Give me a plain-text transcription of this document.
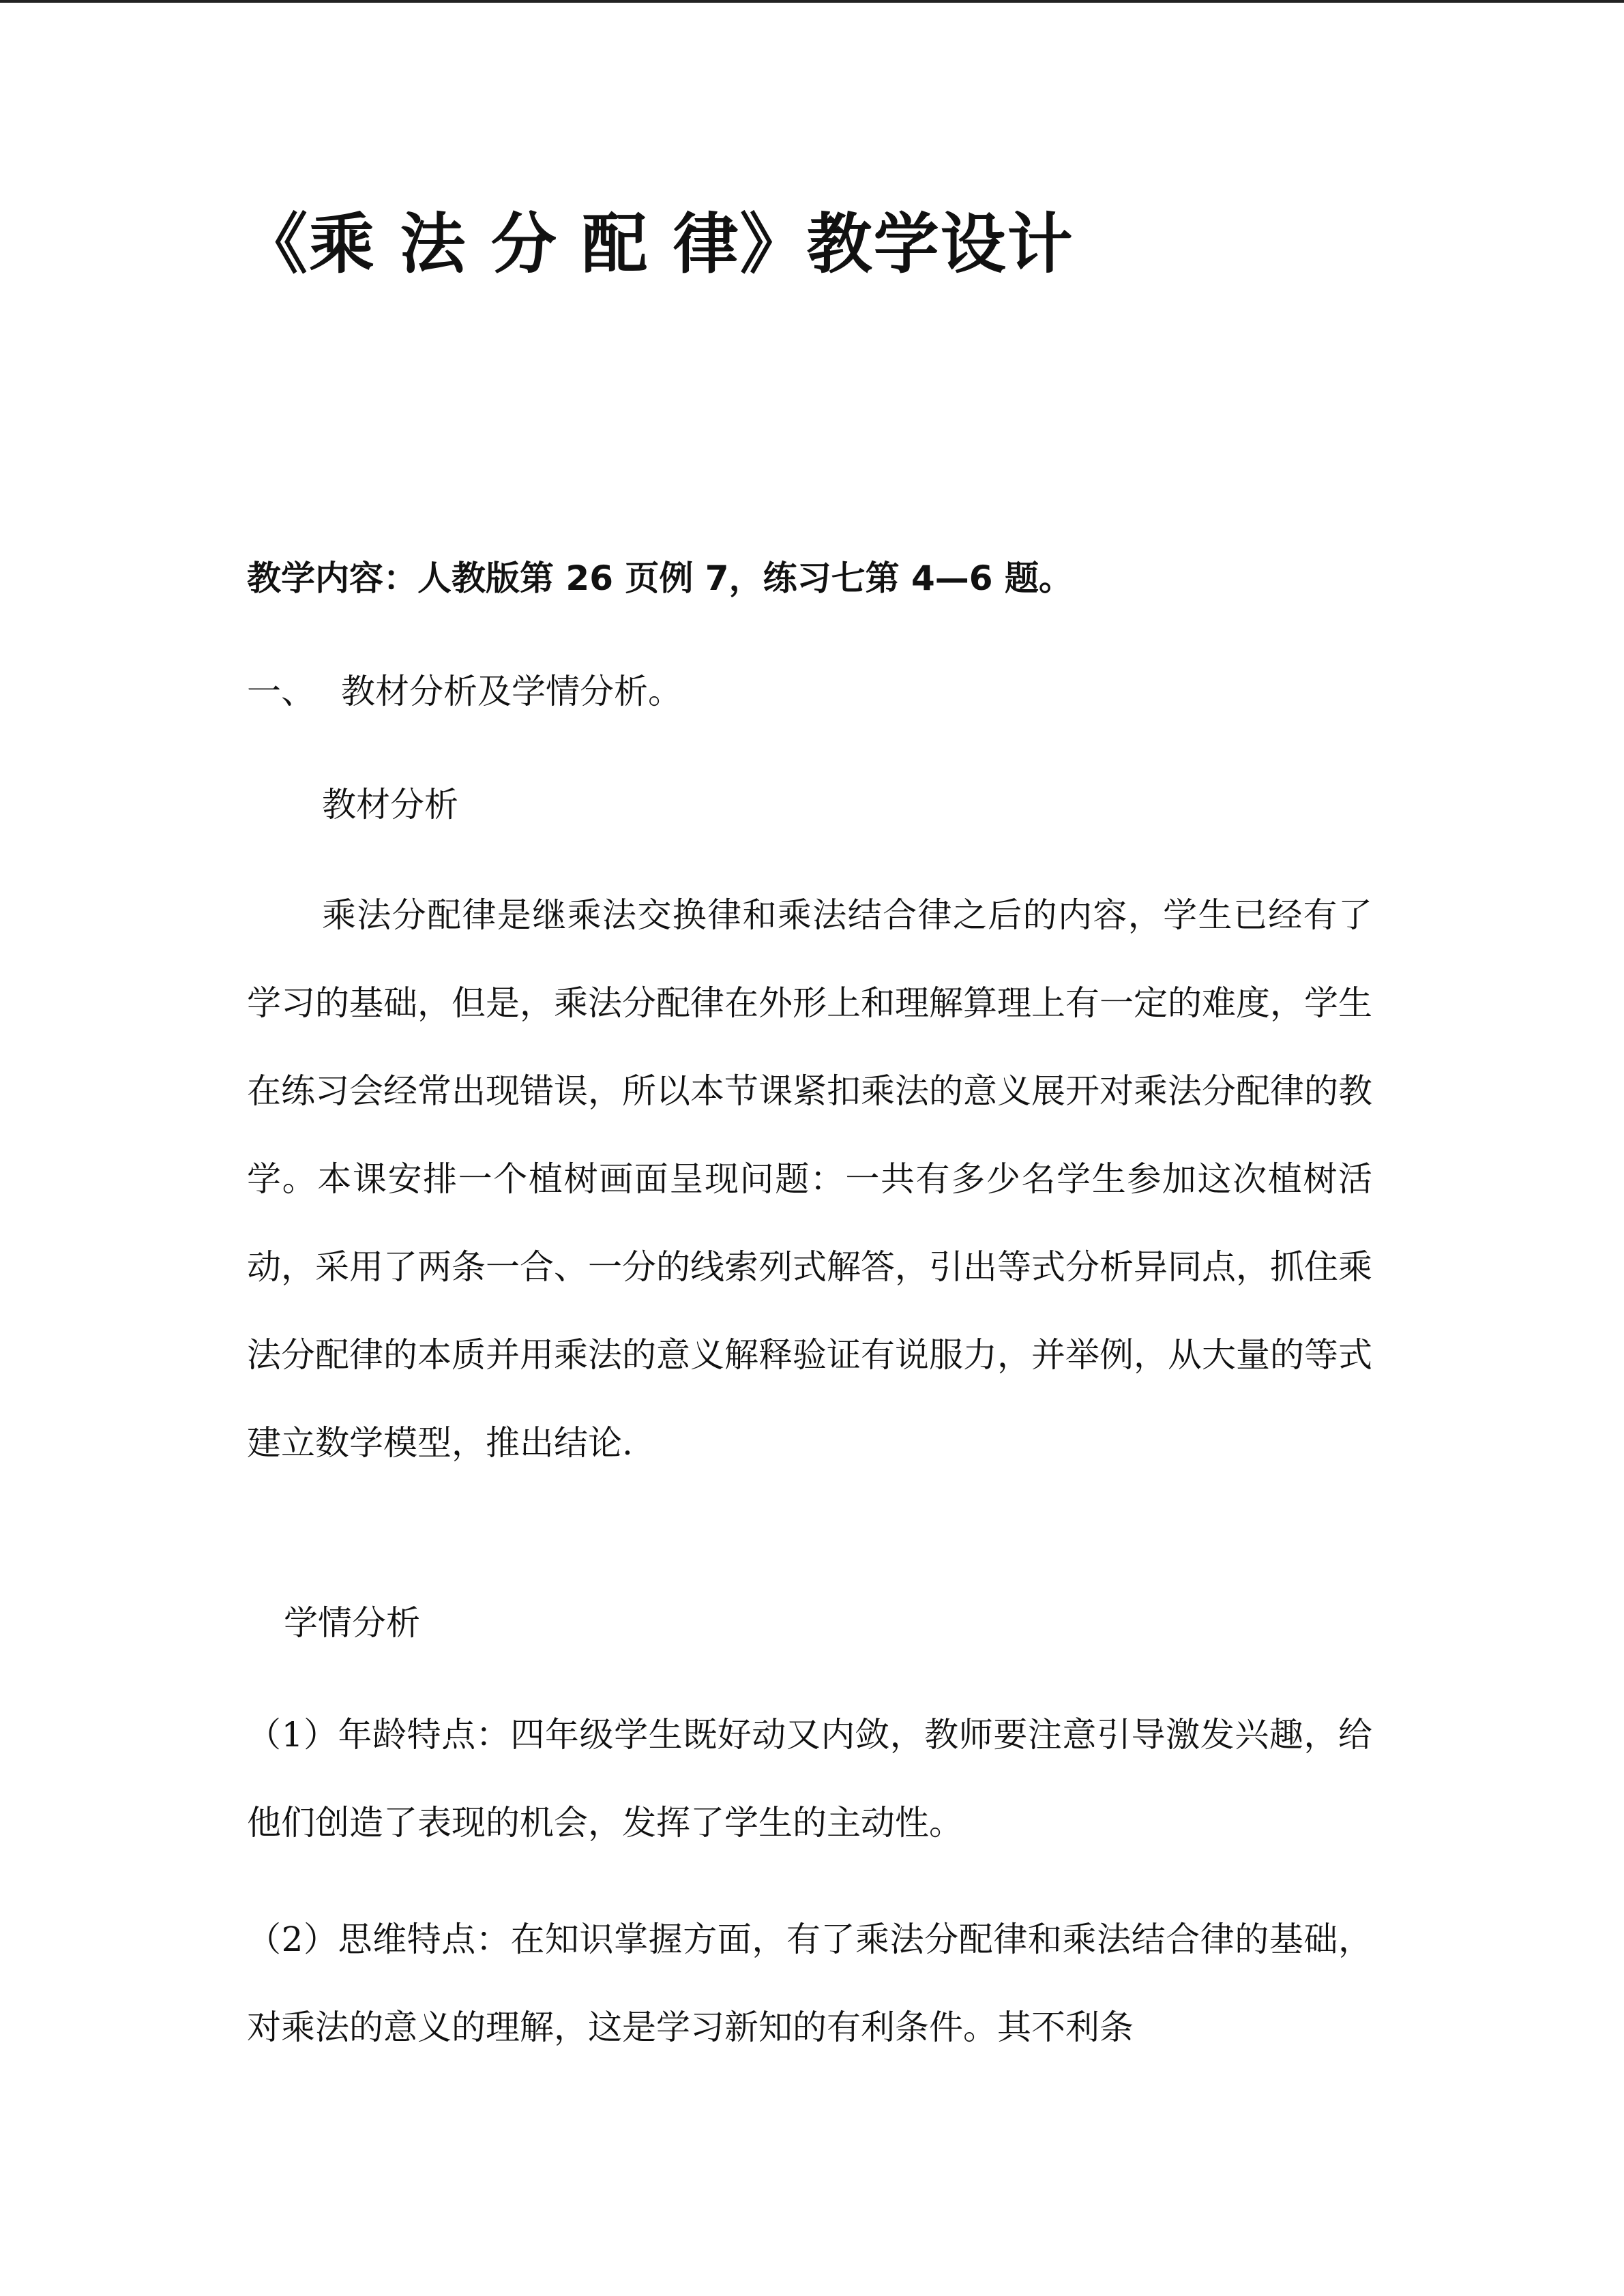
《乘 法 分 配 律》教学设计
教学内容：人教版第 26 页例 7，练习七第 4—6 题。
一、 教材分析及学情分析。
教材分析
乘法分配律是继乘法交换律和乘法结合律之后的内容，学生已经有了学习的基础，但是，乘法分配律在外形上和理解算理上有一定的难度，学生在练习会经常出现错误，所以本节课紧扣乘法的意义展开对乘法分配律的教学。本课安排一个植树画面呈现问题：一共有多少名学生参加这次植树活动，采用了两条一合、一分的线索列式解答，引出等式分析异同点，抓住乘法分配律的本质并用乘法的意义解释验证有说服力，并举例，从大量的等式建立数学模型，推出结论.
学情分析
（1）年龄特点：四年级学生既好动又内敛，教师要注意引导激发兴趣，给他们创造了表现的机会，发挥了学生的主动性。
（2）思维特点：在知识掌握方面，有了乘法分配律和乘法结合律的基础，对乘法的意义的理解，这是学习新知的有利条件。其不利条
